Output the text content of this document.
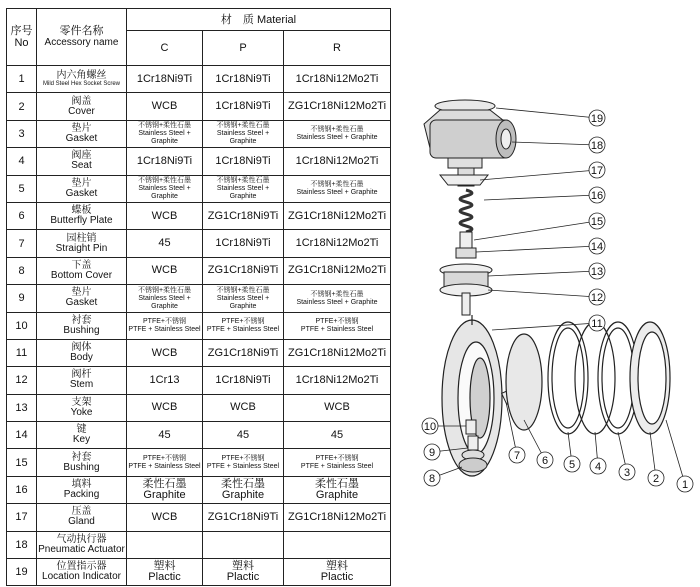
序号
No	零件名称
Accessory name	材　质 Material		
		C	P	R
1	内六角螺丝
Mild Steel Hex Socket Screw	1Cr18Ni9Ti	1Cr18Ni9Ti	1Cr18Ni12Mo2Ti

2	阀盖
Cover	WCB	1Cr18Ni9Ti	ZG1Cr18Ni12Mo2Ti

3	垫片
Gasket	不锈钢+柔性石墨
Stainless Steel + Graphite	不锈钢+柔性石墨
Stainless Steel + Graphite	不锈钢+柔性石墨
Stainless Steel + Graphite

4	阀座
Seat	1Cr18Ni9Ti	1Cr18Ni9Ti	1Cr18Ni12Mo2Ti

5	垫片
Gasket	不锈钢+柔性石墨
Stainless Steel + Graphite	不锈钢+柔性石墨
Stainless Steel + Graphite	不锈钢+柔性石墨
Stainless Steel + Graphite

6	蝶板
Butterfly Plate	WCB	ZG1Cr18Ni9Ti	ZG1Cr18Ni12Mo2Ti

7	园柱销
Straight Pin	45	1Cr18Ni9Ti	1Cr18Ni12Mo2Ti

8	下盖
Bottom Cover	WCB	ZG1Cr18Ni9Ti	ZG1Cr18Ni12Mo2Ti

9	垫片
Gasket	不锈钢+柔性石墨
Stainless Steel + Graphite	不锈钢+柔性石墨
Stainless Steel + Graphite	不锈钢+柔性石墨
Stainless Steel + Graphite

10	衬套
Bushing	PTFE+不锈钢
PTFE + Stainless Steel	PTFE+不锈钢
PTFE + Stainless Steel	PTFE+不锈钢
PTFE + Stainless Steel

11	阀体
Body	WCB	ZG1Cr18Ni9Ti	ZG1Cr18Ni12Mo2Ti

12	阀杆
Stem	1Cr13	1Cr18Ni9Ti	1Cr18Ni12Mo2Ti

13	支架
Yoke	WCB	WCB	WCB

14	键
Key	45	45	45

15	衬套
Bushing	PTFE+不锈钢
PTFE + Stainless Steel	PTFE+不锈钢
PTFE + Stainless Steel	PTFE+不锈钢
PTFE + Stainless Steel

16	填料
Packing	柔性石墨
Graphite	柔性石墨
Graphite	柔性石墨
Graphite

17	压盖
Gland	WCB	ZG1Cr18Ni9Ti	ZG1Cr18Ni12Mo2Ti

18	气动执行器
Pneumatic Actuator			

19	位置指示器
Location Indicator	塑料
Plactic	塑料
Plactic	塑料
Plactic
1
2
3
4
5
6
7
8
9
10
11
12
13
14
15
16
17
18
19
